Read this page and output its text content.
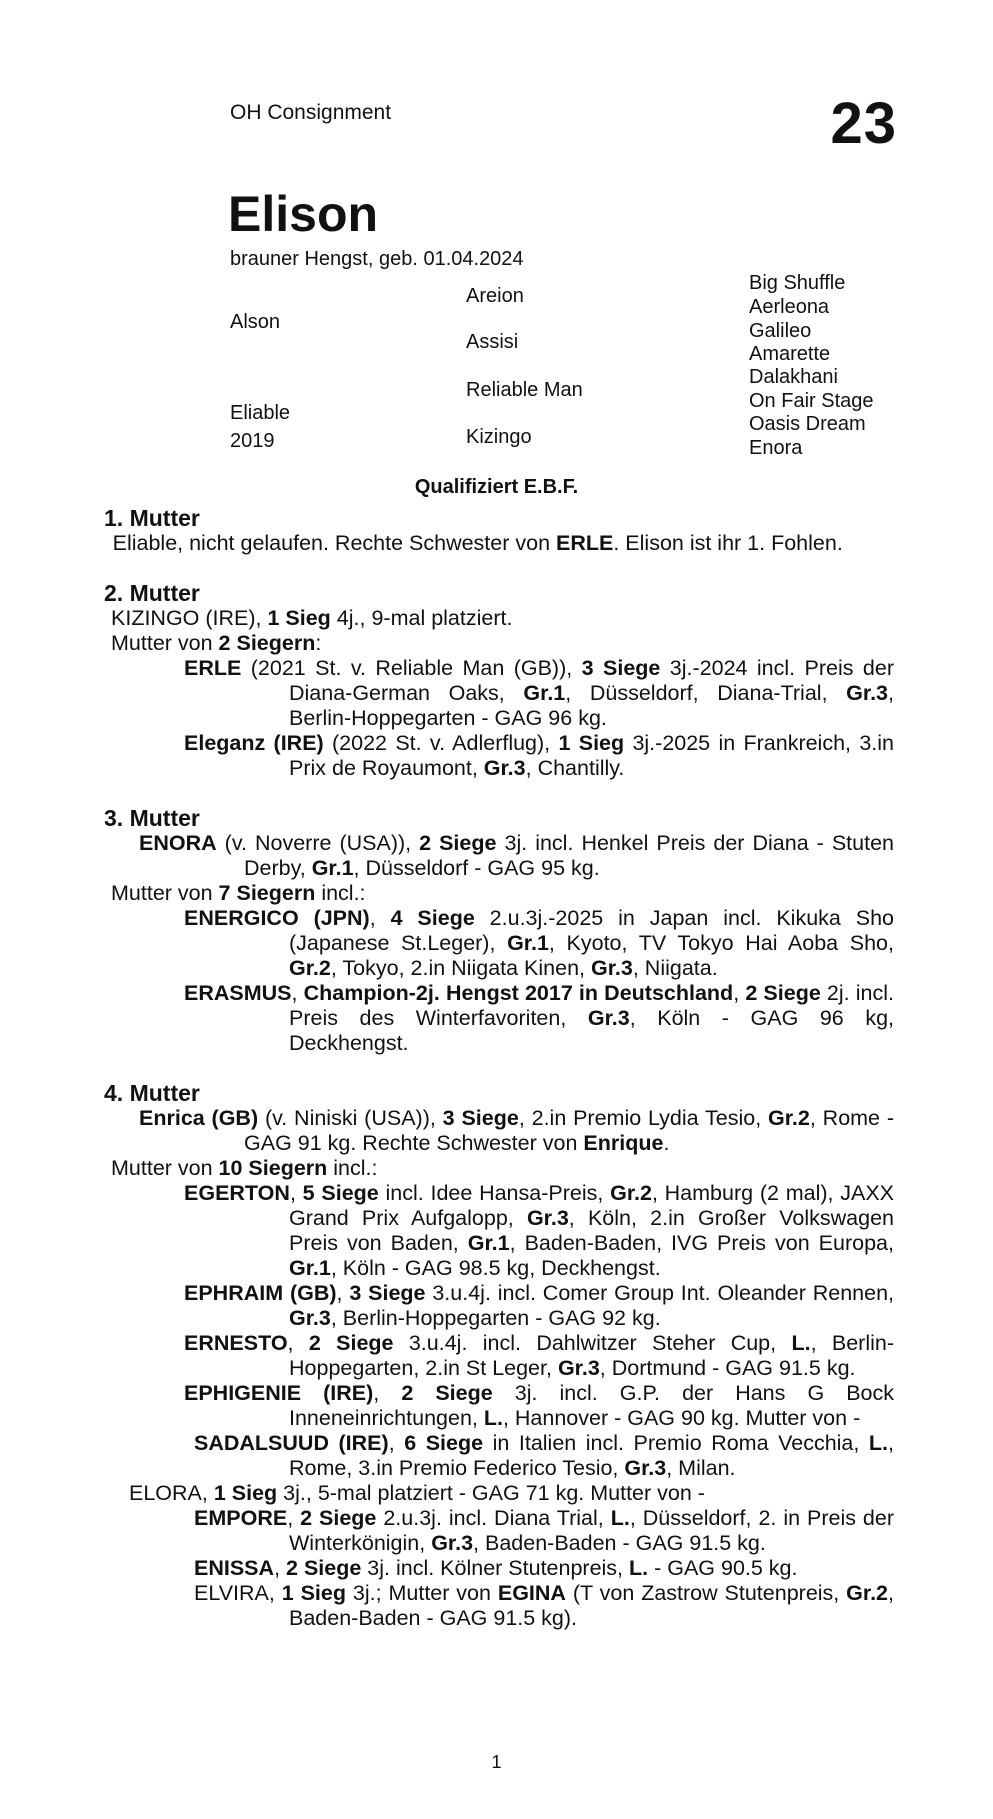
OH Consignment	23
Elison
brauner Hengst, geb. 01.04.2024
Alson
Eliable
2019
Areion
Assisi
Reliable Man
Kizingo
Big Shuffle
Aerleona
Galileo
Amarette
Dalakhani
On Fair Stage
Oasis Dream
Enora
Qualifiziert E.B.F.
1. Mutter

Eliable, nicht gelaufen. Rechte Schwester von ERLE. Elison ist ihr 1. Fohlen.

2. Mutter

KIZINGO (IRE), 1 Sieg 4j., 9-mal platziert.

Mutter von 2 Siegern:

ERLE (2021 St. v. Reliable Man (GB)), 3 Siege 3j.-2024 incl. Preis der Diana-German Oaks, Gr.1, Düsseldorf, Diana-Trial, Gr.3, Berlin-Hoppegarten - GAG 96 kg.

Eleganz (IRE) (2022 St. v. Adlerflug), 1 Sieg 3j.-2025 in Frankreich, 3.in Prix de Royaumont, Gr.3, Chantilly.

3. Mutter

ENORA (v. Noverre (USA)), 2 Siege 3j. incl. Henkel Preis der Diana - Stuten Derby, Gr.1, Düsseldorf - GAG 95 kg.

Mutter von 7 Siegern incl.:

ENERGICO (JPN), 4 Siege 2.u.3j.-2025 in Japan incl. Kikuka Sho (Japanese St.Leger), Gr.1, Kyoto, TV Tokyo Hai Aoba Sho, Gr.2, Tokyo, 2.in Niigata Kinen, Gr.3, Niigata.

ERASMUS, Champion-2j. Hengst 2017 in Deutschland, 2 Siege 2j. incl. Preis des Winterfavoriten, Gr.3, Köln - GAG 96 kg, Deckhengst.

4. Mutter

Enrica (GB) (v. Niniski (USA)), 3 Siege, 2.in Premio Lydia Tesio, Gr.2, Rome - GAG 91 kg. Rechte Schwester von Enrique.

Mutter von 10 Siegern incl.:

EGERTON, 5 Siege incl. Idee Hansa-Preis, Gr.2, Hamburg (2 mal), JAXX Grand Prix Aufgalopp, Gr.3, Köln, 2.in Großer Volkswagen Preis von Baden, Gr.1, Baden-Baden, IVG Preis von Europa, Gr.1, Köln - GAG 98.5 kg, Deckhengst.

EPHRAIM (GB), 3 Siege 3.u.4j. incl. Comer Group Int. Oleander Rennen, Gr.3, Berlin-Hoppegarten - GAG 92 kg.

ERNESTO, 2 Siege 3.u.4j. incl. Dahlwitzer Steher Cup, L., Berlin-Hoppegarten, 2.in St Leger, Gr.3, Dortmund - GAG 91.5 kg.

EPHIGENIE (IRE), 2 Siege 3j. incl. G.P. der Hans G Bock Inneneinrichtungen, L., Hannover - GAG 90 kg. Mutter von -

SADALSUUD (IRE), 6 Siege in Italien incl. Premio Roma Vecchia, L., Rome, 3.in Premio Federico Tesio, Gr.3, Milan.

ELORA, 1 Sieg 3j., 5-mal platziert - GAG 71 kg. Mutter von -

EMPORE, 2 Siege 2.u.3j. incl. Diana Trial, L., Düsseldorf, 2. in Preis der Winterkönigin, Gr.3, Baden-Baden - GAG 91.5 kg.

ENISSA, 2 Siege 3j. incl. Kölner Stutenpreis, L. - GAG 90.5 kg.

ELVIRA, 1 Sieg 3j.; Mutter von EGINA (T von Zastrow Stutenpreis, Gr.2, Baden-Baden - GAG 91.5 kg).

1
